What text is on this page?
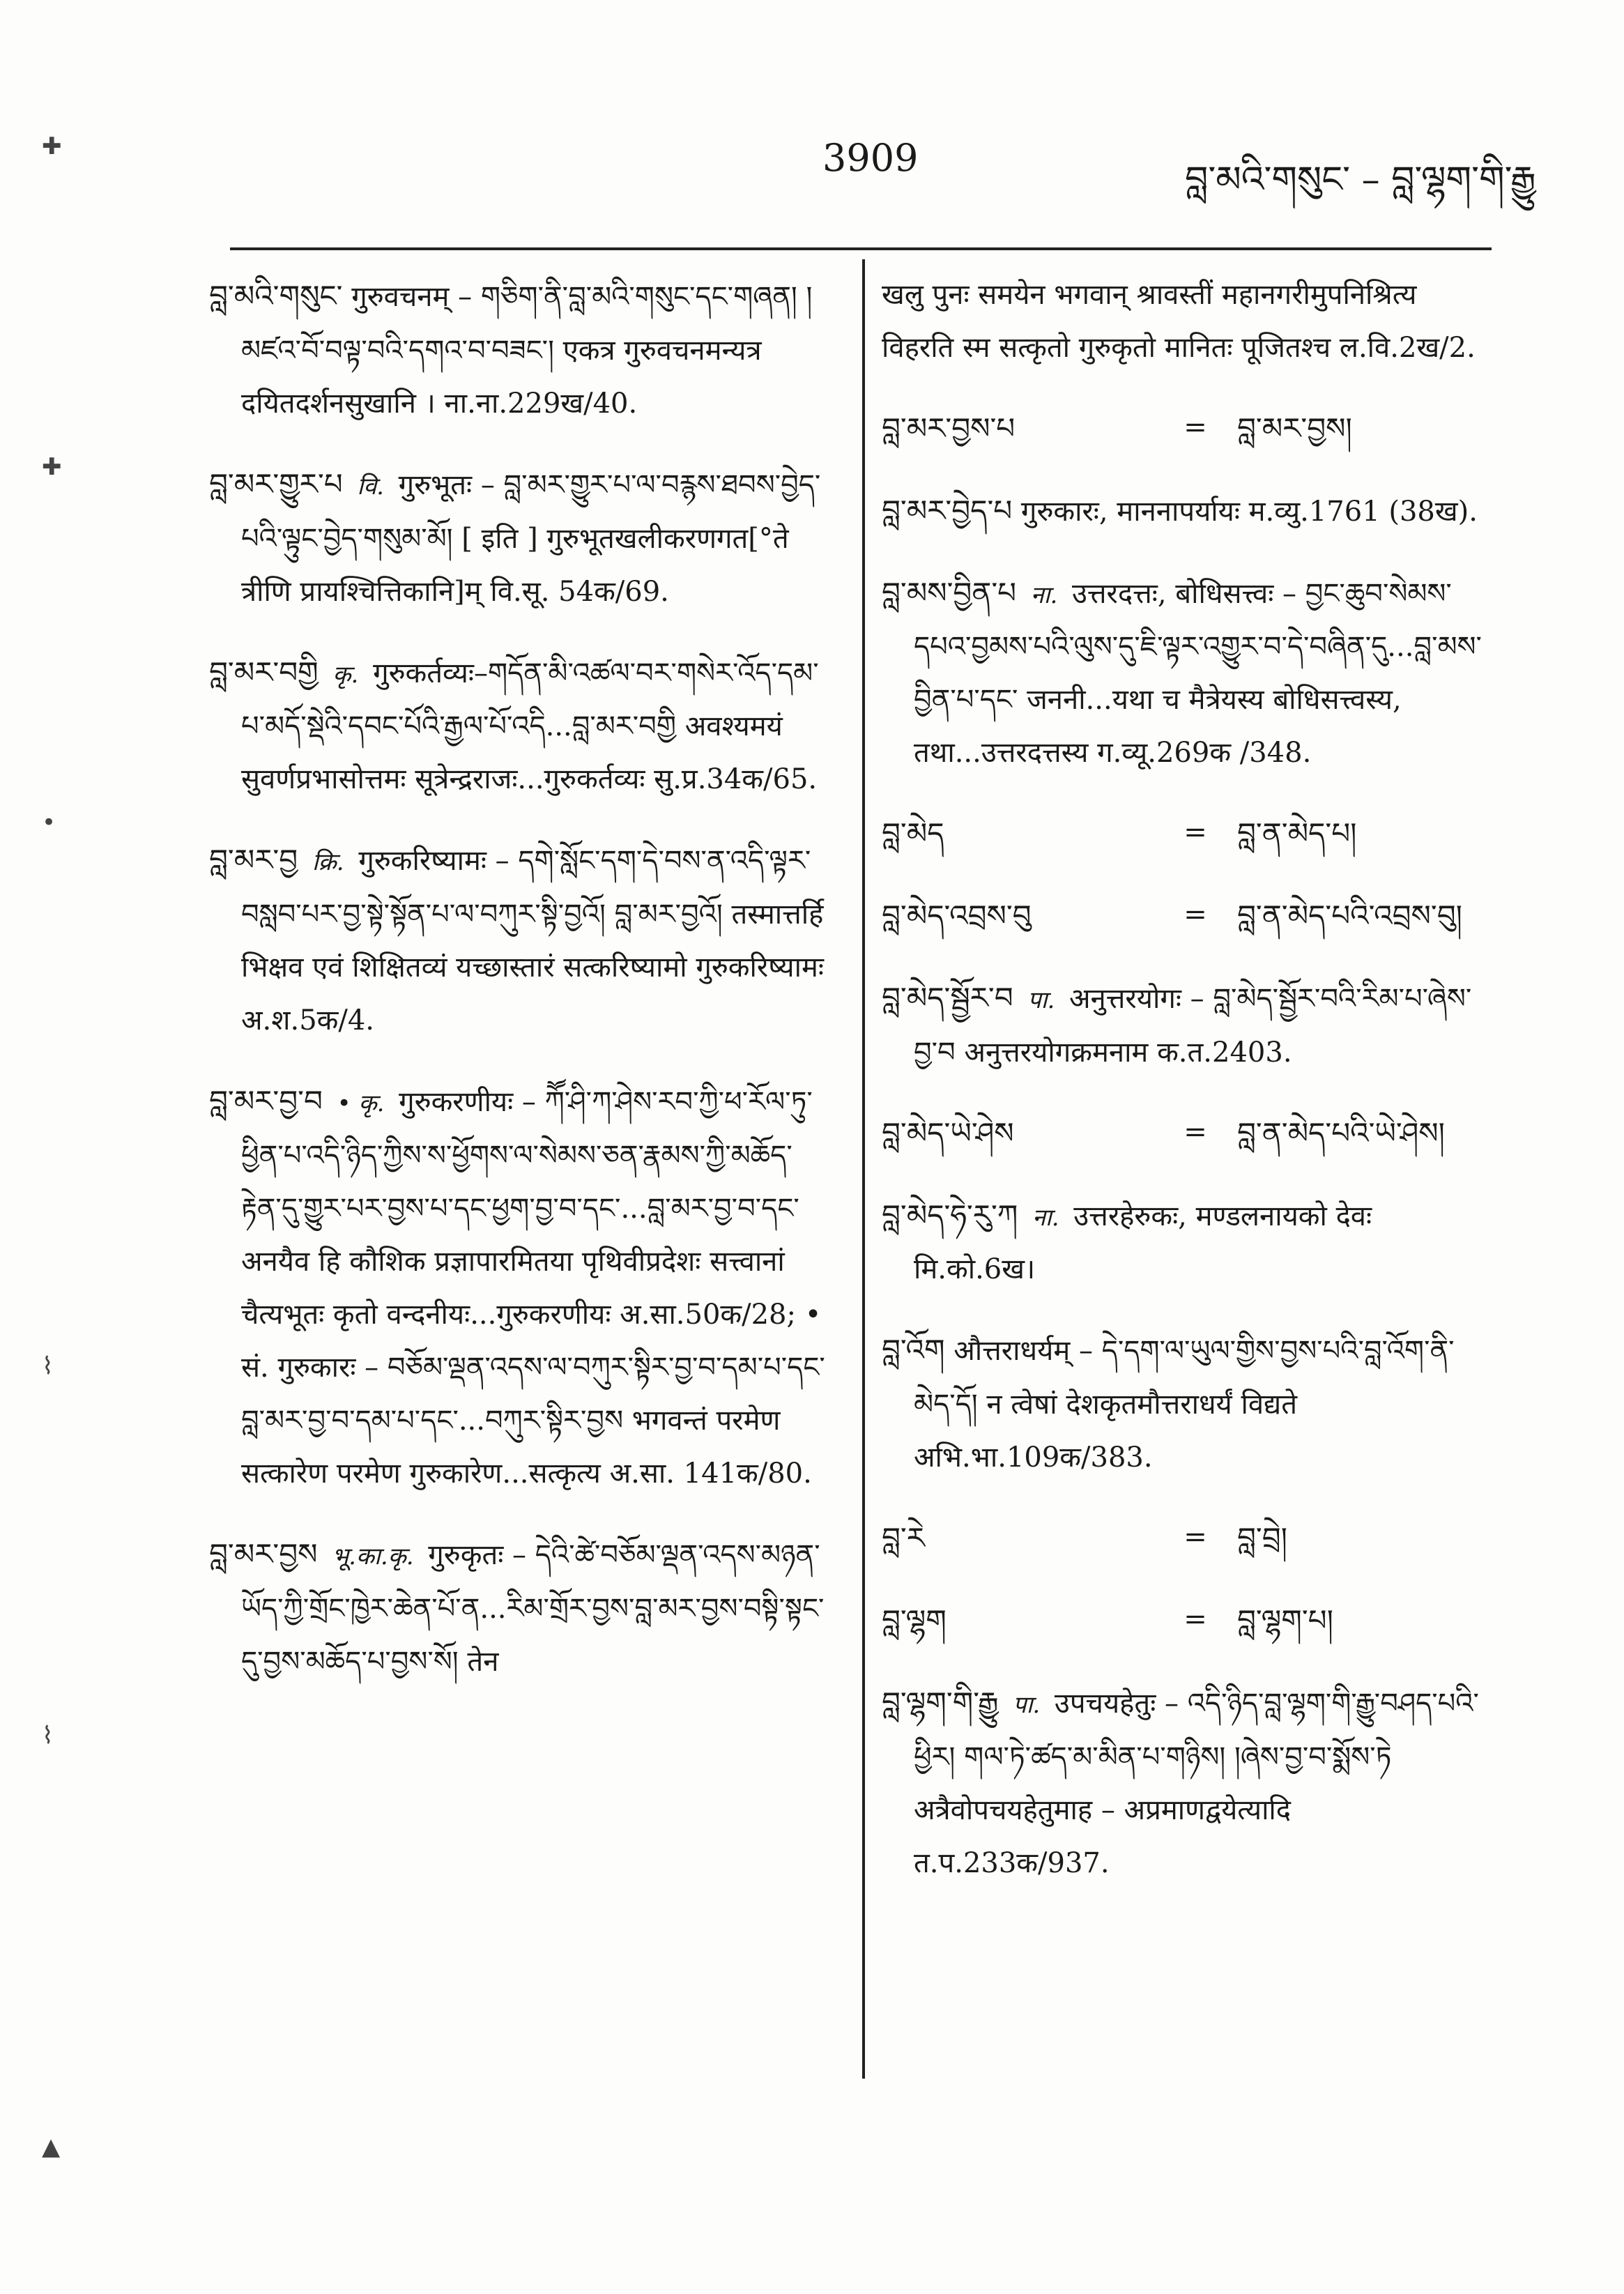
3909	བླ་མའི་གསུང་ – བླ་ལྷག་གི་རྒྱུ
✚
✚
•
⌇
⌇
▲

བླ་མའི་གསུང་ गुरुवचनम् – གཅིག་ནི་བླ་མའི་གསུང་དང་གཞན། །མཛའ་བོ་བལྟ་བའི་དགའ་བ་བཟང་། एकत्र गुरुवचनमन्यत्र दयितदर्शनसुखानि । ना.ना.229ख/40.

བླ་མར་གྱུར་པ वि. गुरुभूतः – བླ་མར་གྱུར་པ་ལ་བརྙས་ཐབས་བྱེད་པའི་ལྟུང་བྱེད་གསུམ་མོ། [ इति ] गुरुभूतखलीकरणगत[°ते त्रीणि प्रायश्चित्तिकानि]म् वि.सू. 54क/69.

བླ་མར་བགྱི कृ. गुरुकर्तव्यः–གདོན་མི་འཚལ་བར་གསེར་འོད་དམ་པ་མདོ་སྡེའི་དབང་པོའི་རྒྱལ་པོ་འདི...བླ་མར་བགྱི अवश्यमयं सुवर्णप्रभासोत्तमः सूत्रेन्द्रराजः...गुरुकर्तव्यः सु.प्र.34क/65.

བླ་མར་བྱ क्रि. गुरुकरिष्यामः – དགེ་སློང་དག་དེ་བས་ན་འདི་ལྟར་བསླབ་པར་བྱ་སྟེ་སྟོན་པ་ལ་བཀུར་སྟི་བྱའོ། བླ་མར་བྱའོ། तस्मात्तर्हि भिक्षव एवं शिक्षितव्यं यच्छास्तारं सत्करिष्यामो गुरुकरिष्यामः अ.श.5क/4.

བླ་མར་བྱ་བ • कृ. गुरुकरणीयः – ཀཽ་ཤི་ཀ་ཤེས་རབ་ཀྱི་ཕ་རོལ་ཏུ་ཕྱིན་པ་འདི་ཉིད་ཀྱིས་ས་ཕྱོགས་ལ་སེམས་ཅན་རྣམས་ཀྱི་མཆོད་རྟེན་དུ་གྱུར་པར་བྱས་པ་དང་ཕྱག་བྱ་བ་དང་...བླ་མར་བྱ་བ་དང་ अनयैव हि कौशिक प्रज्ञापारमितया पृथिवीप्रदेशः सत्त्वानां चैत्यभूतः कृतो वन्दनीयः...गुरुकरणीयः अ.सा.50क/28; • सं. गुरुकारः – བཅོམ་ལྡན་འདས་ལ་བཀུར་སྟིར་བྱ་བ་དམ་པ་དང་བླ་མར་བྱ་བ་དམ་པ་དང་...བཀུར་སྟིར་བྱས भगवन्तं परमेण सत्कारेण परमेण गुरुकारेण...सत्कृत्य अ.सा. 141क/80.

བླ་མར་བྱས भू.का.कृ. गुरुकृतः – དེའི་ཚེ་བཅོམ་ལྡན་འདས་མཉན་ཡོད་ཀྱི་གྲོང་ཁྱེར་ཆེན་པོ་ན...རིམ་གྲོར་བྱས་བླ་མར་བྱས་བསྟི་སྟང་དུ་བྱས་མཆོད་པ་བྱས་སོ། तेन

खलु पुनः समयेन भगवान् श्रावस्तीं महानगरीमुपनिश्रित्य विहरति स्म सत्कृतो गुरुकृतो मानितः पूजितश्च ल.वि.2ख/2.

བླ་མར་བྱས་པ	=	བླ་མར་བྱས།

བླ་མར་བྱེད་པ गुरुकारः, माननापर्यायः म.व्यु.1761 (38ख).

བླ་མས་བྱིན་པ ना. उत्तरदत्तः, बोधिसत्त्वः – བྱང་ཆུབ་སེམས་དཔའ་བྱམས་པའི་ལུས་དུ་ཇི་ལྟར་འགྱུར་བ་དེ་བཞིན་དུ...བླ་མས་བྱིན་པ་དང་ जननी...यथा च मैत्रेयस्य बोधिसत्त्वस्य, तथा...उत्तरदत्तस्य ग.व्यू.269क /348.

བླ་མེད	=	བླ་ན་མེད་པ།
བླ་མེད་འབྲས་བུ	=	བླ་ན་མེད་པའི་འབྲས་བུ།

བླ་མེད་སྦྱོར་བ पा. अनुत्तरयोगः – བླ་མེད་སྦྱོར་བའི་རིམ་པ་ཞེས་བྱ་བ अनुत्तरयोगक्रमनाम क.त.2403.

བླ་མེད་ཡེ་ཤེས	=	བླ་ན་མེད་པའི་ཡེ་ཤེས།

བླ་མེད་ཧེ་རུ་ཀ ना. उत्तरहेरुकः, मण्डलनायको देवः मि.को.6ख।

བླ་འོག औत्तराधर्यम् – དེ་དག་ལ་ཡུལ་གྱིས་བྱས་པའི་བླ་འོག་ནི་མེད་དོ། न त्वेषां देशकृतमौत्तराधर्यं विद्यते अभि.भा.109क/383.

བླ་རེ	=	བླ་བྲེ།
བླ་ལྷག	=	བླ་ལྷག་པ།

བླ་ལྷག་གི་རྒྱུ पा. उपचयहेतुः – འདི་ཉིད་བླ་ལྷག་གི་རྒྱུ་བཤད་པའི་ཕྱིར། གལ་ཏེ་ཚད་མ་མིན་པ་གཉིས། །ཞེས་བྱ་བ་སྨོས་ཏེ अत्रैवोपचयहेतुमाह – अप्रमाणद्वयेत्यादि त.प.233क/937.
